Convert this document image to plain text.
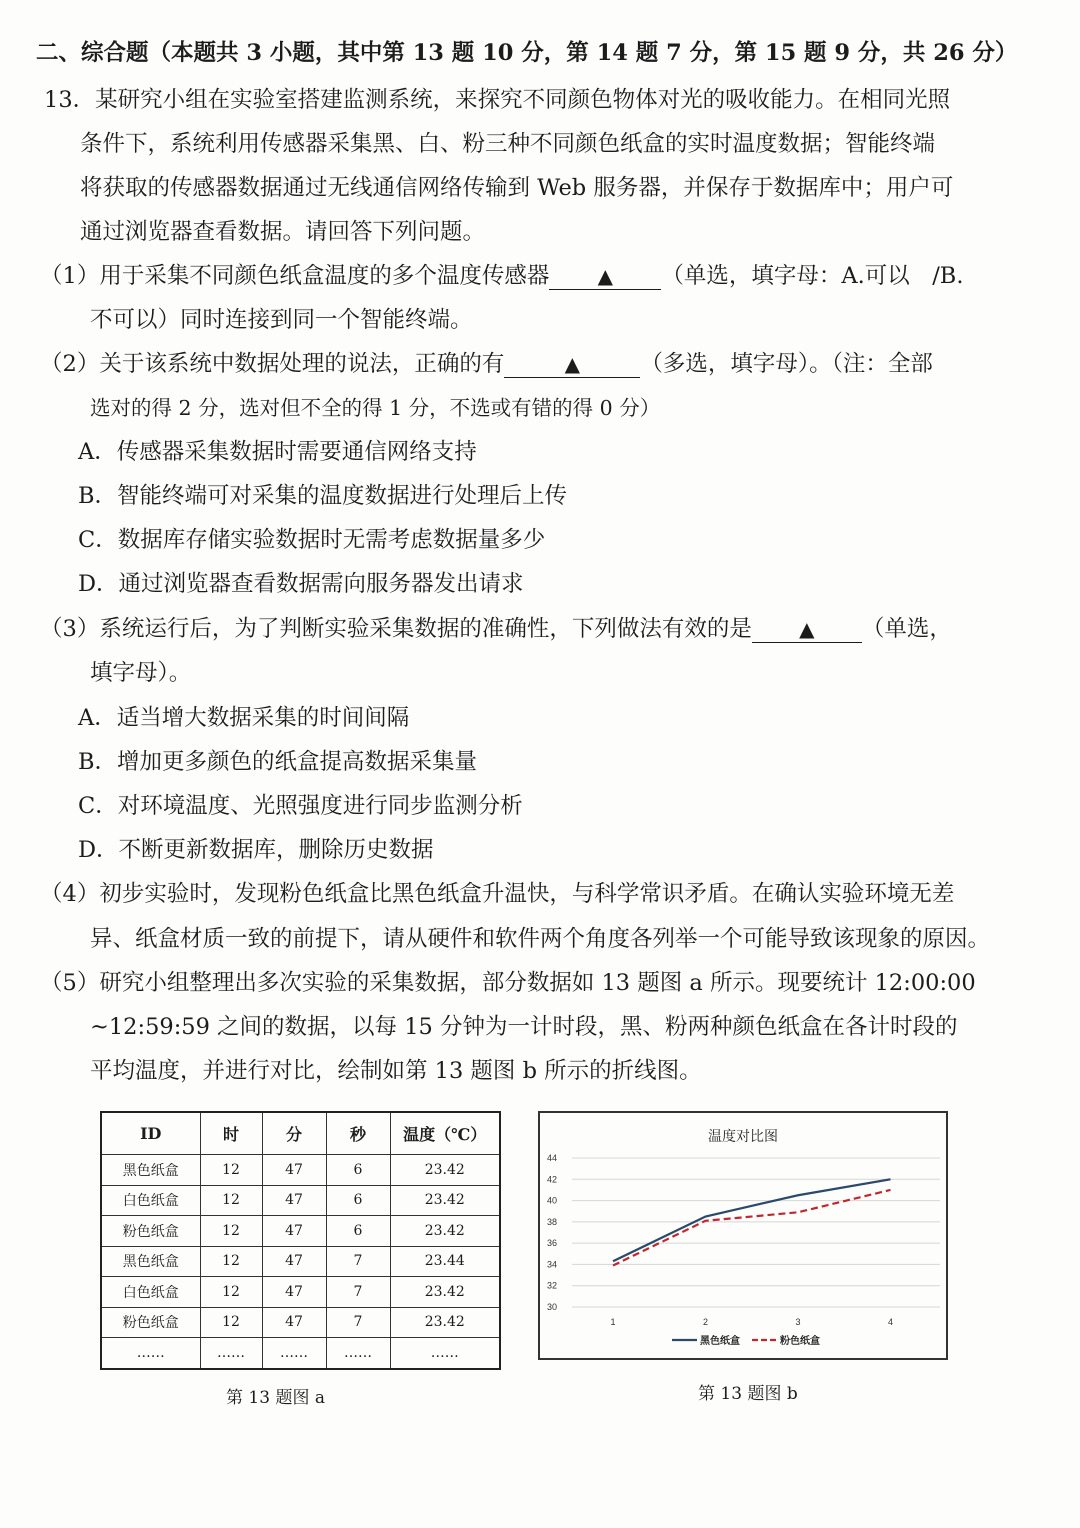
二、综合题（本题共 3 小题，其中第 13 题 10 分，第 14 题 7 分，第 15 题 9 分，共 26 分）
13．某研究小组在实验室搭建监测系统，来探究不同颜色物体对光的吸收能力。在相同光照
条件下，系统利用传感器采集黑、白、粉三种不同颜色纸盒的实时温度数据；智能终端
将获取的传感器数据通过无线通信网络传输到 Web 服务器，并保存于数据库中；用户可
通过浏览器查看数据。请回答下列问题。
（1）用于采集不同颜色纸盒温度的多个温度传感器 ▲ （单选，填字母：A.可以　/B.
不可以）同时连接到同一个智能终端。
（2）关于该系统中数据处理的说法，正确的有	▲	（多选，填字母）。（注：全部
选对的得 2 分，选对但不全的得 1 分，不选或有错的得 0 分）
A．传感器采集数据时需要通信网络支持
B．智能终端可对采集的温度数据进行处理后上传
C．数据库存储实验数据时无需考虑数据量多少
D．通过浏览器查看数据需向服务器发出请求
（3）系统运行后，为了判断实验采集数据的准确性，下列做法有效的是 ▲ （单选，
填字母）。
A．适当增大数据采集的时间间隔
B．增加更多颜色的纸盒提高数据采集量
C．对环境温度、光照强度进行同步监测分析
D．不断更新数据库，删除历史数据
（4）初步实验时，发现粉色纸盒比黑色纸盒升温快，与科学常识矛盾。在确认实验环境无差
异、纸盒材质一致的前提下，请从硬件和软件两个角度各列举一个可能导致该现象的原因。
（5）研究小组整理出多次实验的采集数据，部分数据如 13 题图 a 所示。现要统计 12:00:00
~12:59:59 之间的数据，以每 15 分钟为一计时段，黑、粉两种颜色纸盒在各计时段的
平均温度，并进行对比，绘制如第 13 题图 b 所示的折线图。
ID	时	分	秒	温度（℃）
黑色纸盒	12	47	6	23.42
白色纸盒	12	47	6	23.42
粉色纸盒	12	47	6	23.42
黑色纸盒	12	47	7	23.44
白色纸盒	12	47	7	23.42
粉色纸盒	12	47	7	23.42
……	……	……	……	……
温度对比图
30
32
34
36
38
40
42
44
1	2	3	4
黑色纸盒	粉色纸盒
第 13 题图 a	第 13 题图 b
